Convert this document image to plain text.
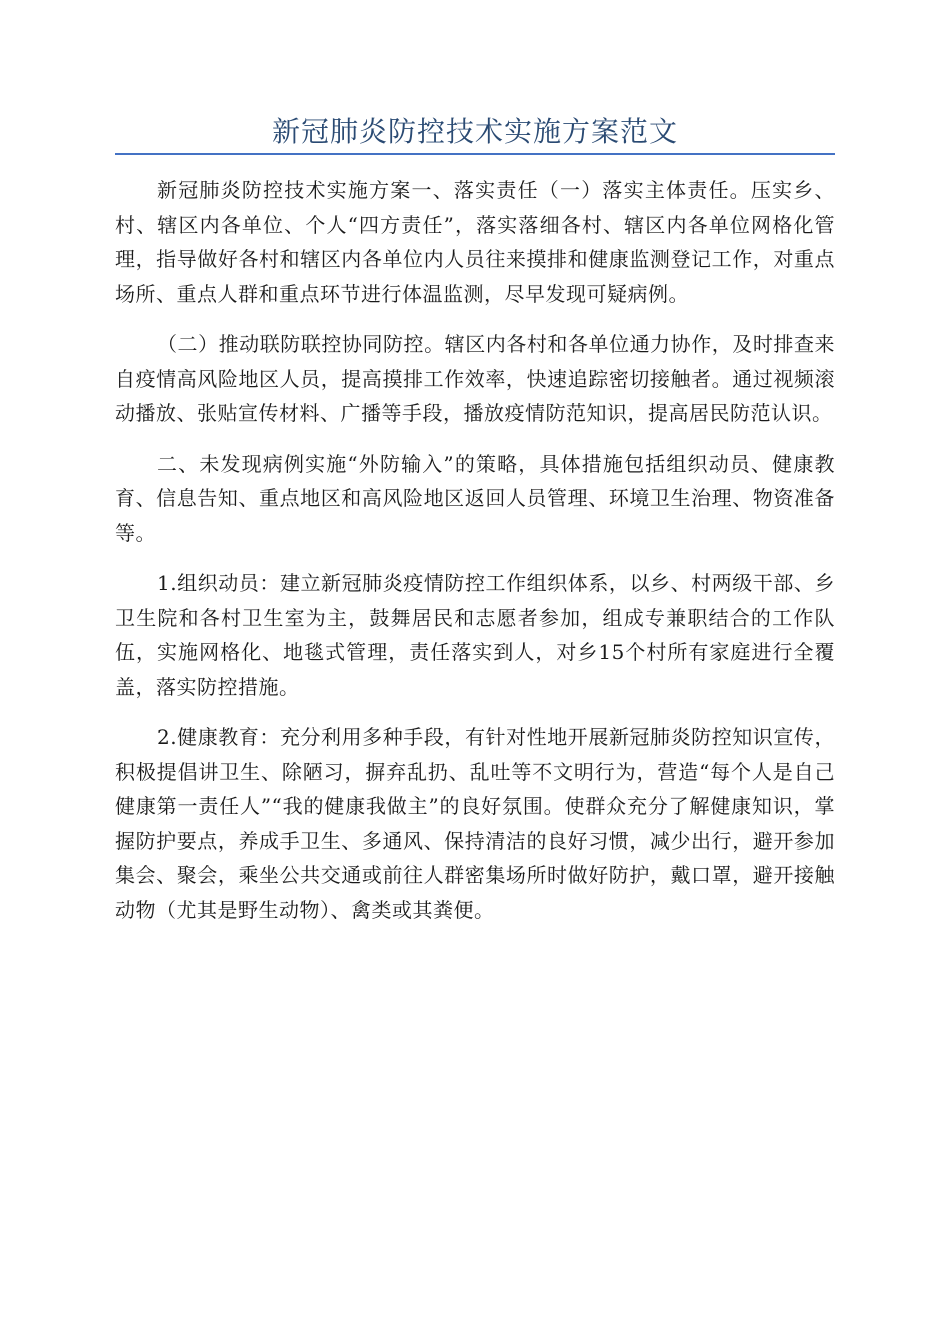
新冠肺炎防控技术实施方案范文

新冠肺炎防控技术实施方案一、落实责任（一）落实主体责任。压实乡、村、辖区内各单位、个人“四方责任”，落实落细各村、辖区内各单位网格化管理，指导做好各村和辖区内各单位内人员往来摸排和健康监测登记工作，对重点场所、重点人群和重点环节进行体温监测，尽早发现可疑病例。

（二）推动联防联控协同防控。辖区内各村和各单位通力协作，及时排查来自疫情高风险地区人员，提高摸排工作效率，快速追踪密切接触者。通过视频滚动播放、张贴宣传材料、广播等手段，播放疫情防范知识，提高居民防范认识。

二、未发现病例实施“外防输入”的策略，具体措施包括组织动员、健康教育、信息告知、重点地区和高风险地区返回人员管理、环境卫生治理、物资准备等。

1.组织动员：建立新冠肺炎疫情防控工作组织体系，以乡、村两级干部、乡卫生院和各村卫生室为主，鼓舞居民和志愿者参加，组成专兼职结合的工作队伍，实施网格化、地毯式管理，责任落实到人，对乡15个村所有家庭进行全覆盖，落实防控措施。

2.健康教育：充分利用多种手段，有针对性地开展新冠肺炎防控知识宣传，积极提倡讲卫生、除陋习，摒弃乱扔、乱吐等不文明行为，营造“每个人是自己健康第一责任人”“我的健康我做主”的良好氛围。使群众充分了解健康知识，掌握防护要点，养成手卫生、多通风、保持清洁的良好习惯，减少出行，避开参加集会、聚会，乘坐公共交通或前往人群密集场所时做好防护，戴口罩，避开接触动物（尤其是野生动物）、禽类或其粪便。
